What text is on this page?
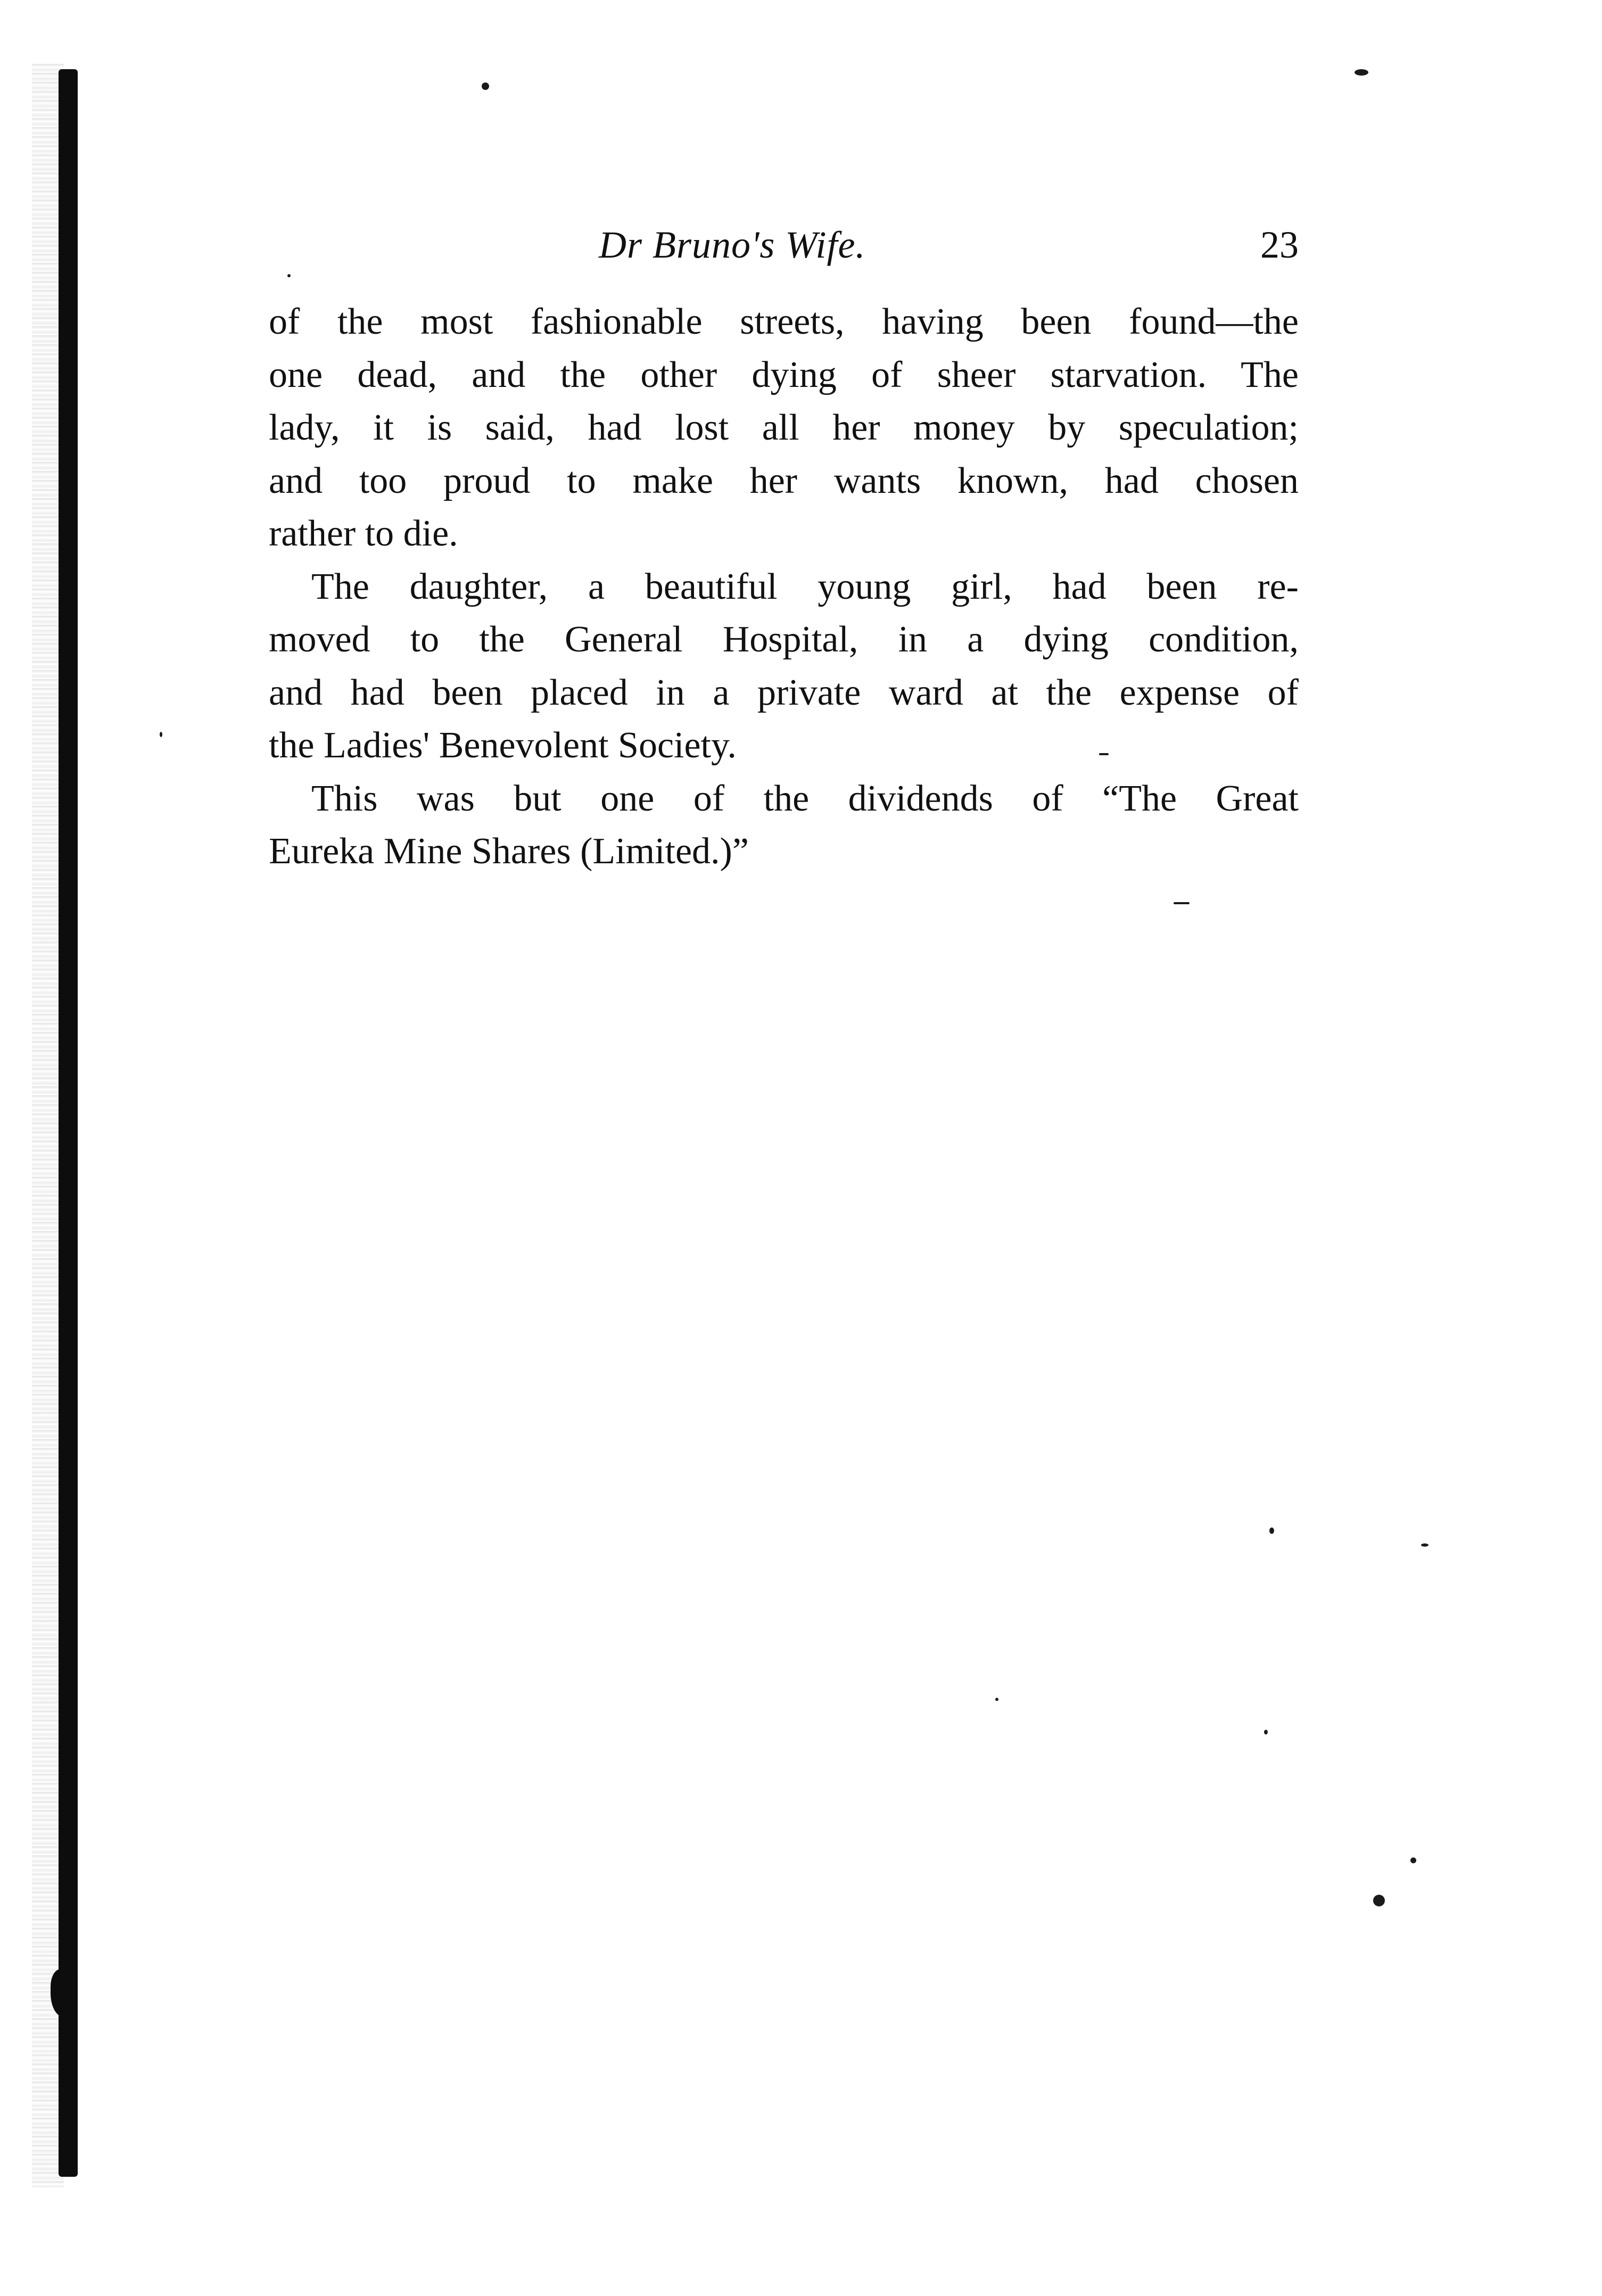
Dr Bruno's Wife.	23

of the most fashionable streets, having been found—the
one dead, and the other dying of sheer starvation. The
lady, it is said, had lost all her money by speculation;
and too proud to make her wants known, had chosen
rather to die.

The daughter, a beautiful young girl, had been re-
moved to the General Hospital, in a dying condition,
and had been placed in a private ward at the expense of
the Ladies' Benevolent Society.

This was but one of the dividends of “The Great
Eureka Mine Shares (Limited.)”
